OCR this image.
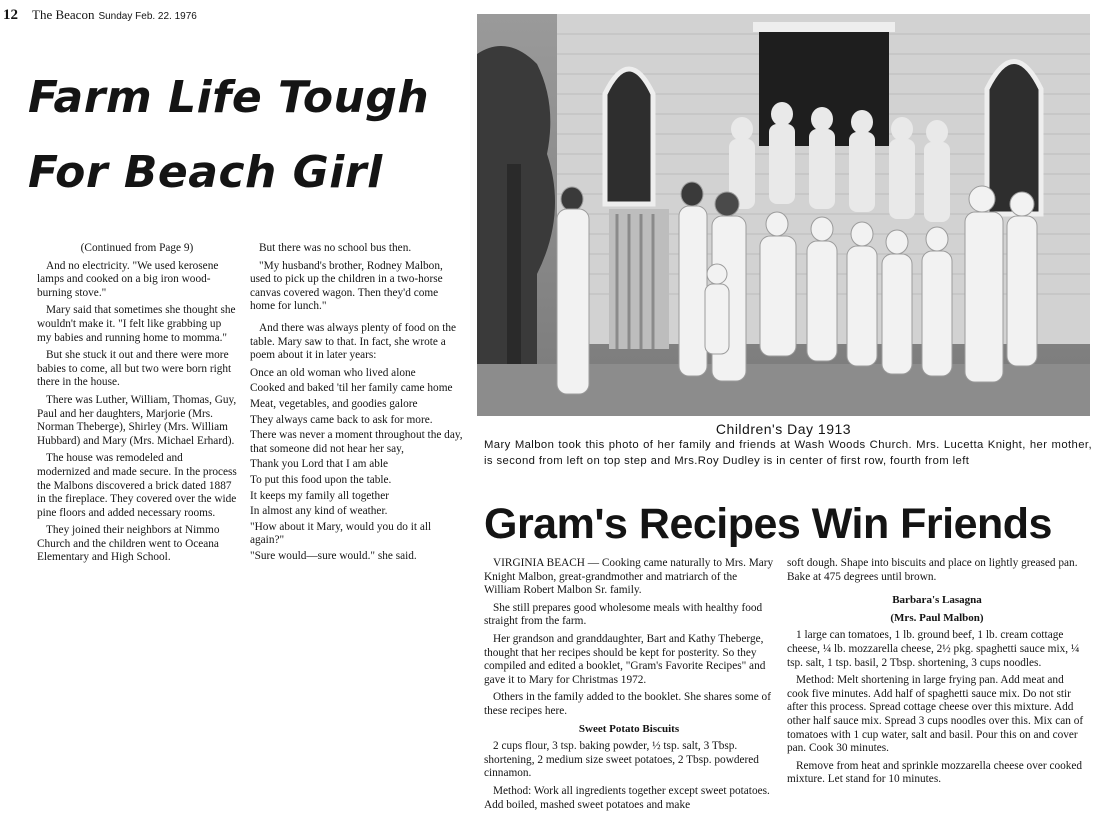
12 The Beacon Sunday Feb. 22. 1976
Farm Life Tough
For Beach Girl

(Continued from Page 9)

And no electricity. "We used kerosene lamps and cooked on a big iron wood-burning stove."

Mary said that sometimes she thought she wouldn't make it. "I felt like grabbing up my babies and running home to momma."

But she stuck it out and there were more babies to come, all but two were born right there in the house.

There was Luther, William, Thomas, Guy, Paul and her daughters, Marjorie (Mrs. Norman Theberge), Shirley (Mrs. William Hubbard) and Mary (Mrs. Michael Erhard).

The house was remodeled and modernized and made secure. In the process the Malbons discovered a brick dated 1887 in the fireplace. They covered over the wide pine floors and added necessary rooms.

They joined their neighbors at Nimmo Church and the children went to Oceana Elementary and High School.

But there was no school bus then.

"My husband's brother, Rodney Malbon, used to pick up the children in a two-horse canvas covered wagon. Then they'd come home for lunch."

And there was always plenty of food on the table. Mary saw to that. In fact, she wrote a poem about it in later years:

Once an old woman who lived alone

Cooked and baked 'til her family came home

Meat, vegetables, and goodies galore

They always came back to ask for more.

There was never a moment throughout the day, that someone did not hear her say,

Thank you Lord that I am able

To put this food upon the table.

It keeps my family all together

In almost any kind of weather.

"How about it Mary, would you do it all again?"

"Sure would—sure would." she said.

Children's Day 1913
Mary Malbon took this photo of her family and friends at Wash Woods Church. Mrs. Lucetta Knight, her mother, is second from left on top step and Mrs.Roy Dudley is in center of first row, fourth from left
Gram's Recipes Win Friends

VIRGINIA BEACH — Cooking came naturally to Mrs. Mary Knight Malbon, great-grandmother and matriarch of the William Robert Malbon Sr. family.

She still prepares good wholesome meals with healthy food straight from the farm.

Her grandson and granddaughter, Bart and Kathy Theberge, thought that her recipes should be kept for posterity. So they compiled and edited a booklet, "Gram's Favorite Recipes" and gave it to Mary for Christmas 1972.

Others in the family added to the booklet. She shares some of these recipes here.

Sweet Potato Biscuits

2 cups flour, 3 tsp. baking powder, ½ tsp. salt, 3 Tbsp. shortening, 2 medium size sweet potatoes, 2 Tbsp. powdered cinnamon.

Method: Work all ingredients together except sweet potatoes. Add boiled, mashed sweet potatoes and make

soft dough. Shape into biscuits and place on lightly greased pan. Bake at 475 degrees until brown.

Barbara's Lasagna

(Mrs. Paul Malbon)

1 large can tomatoes, 1 lb. ground beef, 1 lb. cream cottage cheese, ¼ lb. mozzarella cheese, 2½ pkg. spaghetti sauce mix, ¼ tsp. salt, 1 tsp. basil, 2 Tbsp. shortening, 3 cups noodles.

Method: Melt shortening in large frying pan. Add meat and cook five minutes. Add half of spaghetti sauce mix. Do not stir after this process. Spread cottage cheese over this mixture. Add other half sauce mix. Spread 3 cups noodles over this. Mix can of tomatoes with 1 cup water, salt and basil. Pour this on and cover pan. Cook 30 minutes.

Remove from heat and sprinkle mozzarella cheese over cooked mixture. Let stand for 10 minutes.
